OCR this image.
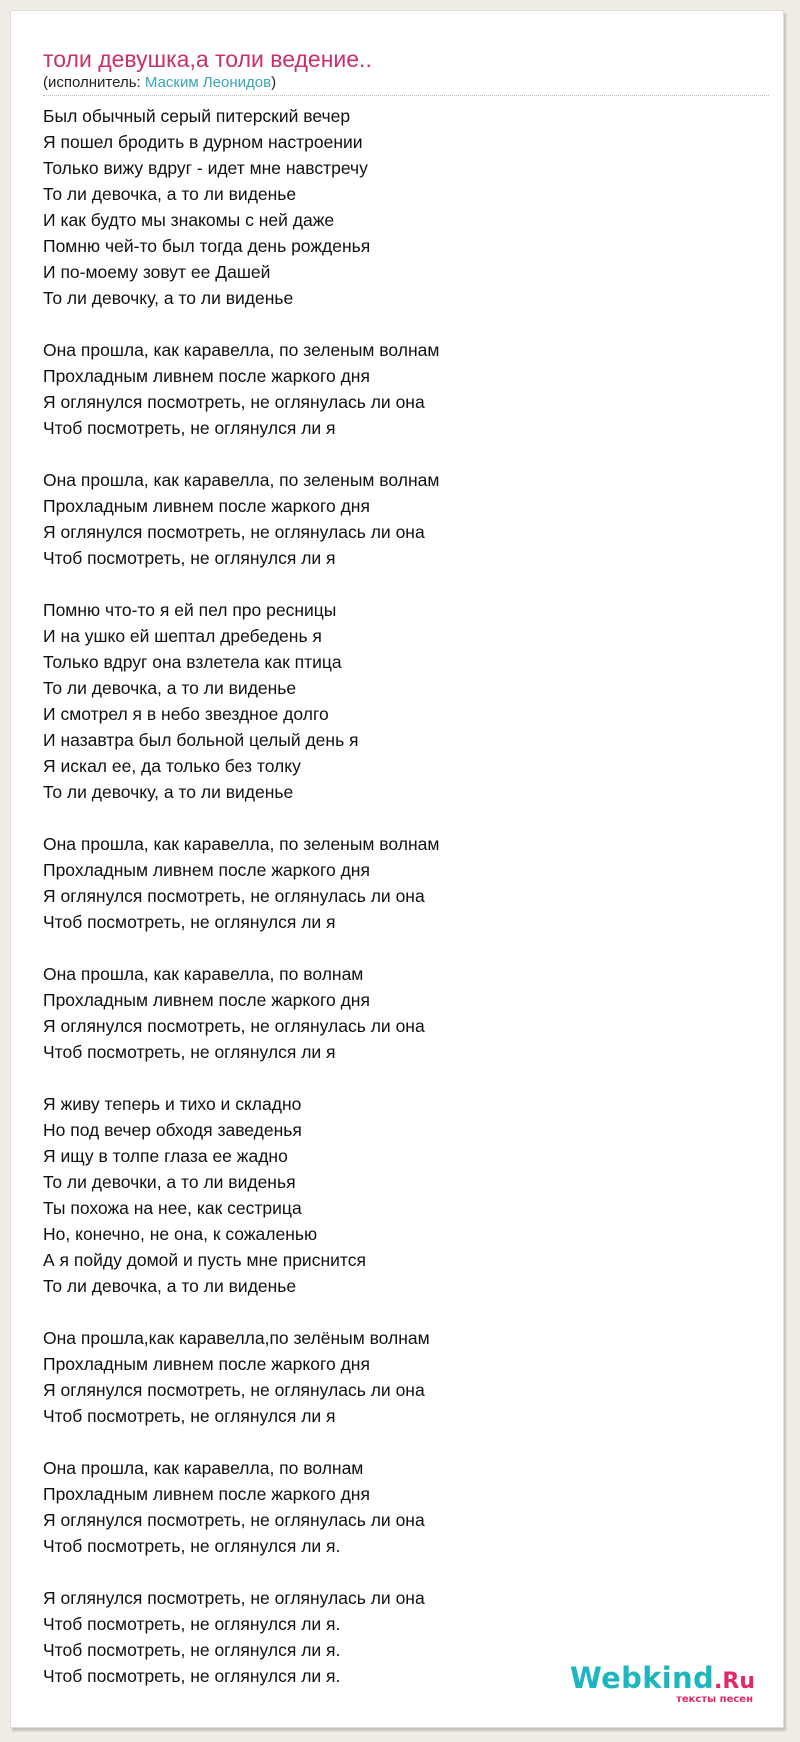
толи девушка,а толи ведение..
(исполнитель: Маским Леонидов)
Был обычный серый питерский вечер
Я пошел бродить в дурном настроении
Только вижу вдруг - идет мне навстречу
То ли девочка, а то ли виденье
И как будто мы знакомы с ней даже
Помню чей-то был тогда день рожденья
И по-моему зовут ее Дашей
То ли девочку, а то ли виденье
Она прошла, как каравелла, по зеленым волнам
Прохладным ливнем после жаркого дня
Я оглянулся посмотреть, не оглянулась ли она
Чтоб посмотреть, не оглянулся ли я
Она прошла, как каравелла, по зеленым волнам
Прохладным ливнем после жаркого дня
Я оглянулся посмотреть, не оглянулась ли она
Чтоб посмотреть, не оглянулся ли я
Помню что-то я ей пел про ресницы
И на ушко ей шептал дребедень я
Только вдруг она взлетела как птица
То ли девочка, а то ли виденье
И смотрел я в небо звездное долго
И назавтра был больной целый день я
Я искал ее, да только без толку
То ли девочку, а то ли виденье
Она прошла, как каравелла, по зеленым волнам
Прохладным ливнем после жаркого дня
Я оглянулся посмотреть, не оглянулась ли она
Чтоб посмотреть, не оглянулся ли я
Она прошла, как каравелла, по волнам
Прохладным ливнем после жаркого дня
Я оглянулся посмотреть, не оглянулась ли она
Чтоб посмотреть, не оглянулся ли я
Я живу теперь и тихо и складно
Но под вечер обходя заведенья
Я ищу в толпе глаза ее жадно
То ли девочки, а то ли виденья
Ты похожа на нее, как сестрица
Но, конечно, не она, к сожаленью
А я пойду домой и пусть мне приснится
То ли девочка, а то ли виденье
Она прошла,как каравелла,по зелёным волнам
Прохладным ливнем после жаркого дня
Я оглянулся посмотреть, не оглянулась ли она
Чтоб посмотреть, не оглянулся ли я
Она прошла, как каравелла, по волнам
Прохладным ливнем после жаркого дня
Я оглянулся посмотреть, не оглянулась ли она
Чтоб посмотреть, не оглянулся ли я.
Я оглянулся посмотреть, не оглянулась ли она
Чтоб посмотреть, не оглянулся ли я.
Чтоб посмотреть, не оглянулся ли я.
Чтоб посмотреть, не оглянулся ли я.	Webkind.Ru
тексты песен
